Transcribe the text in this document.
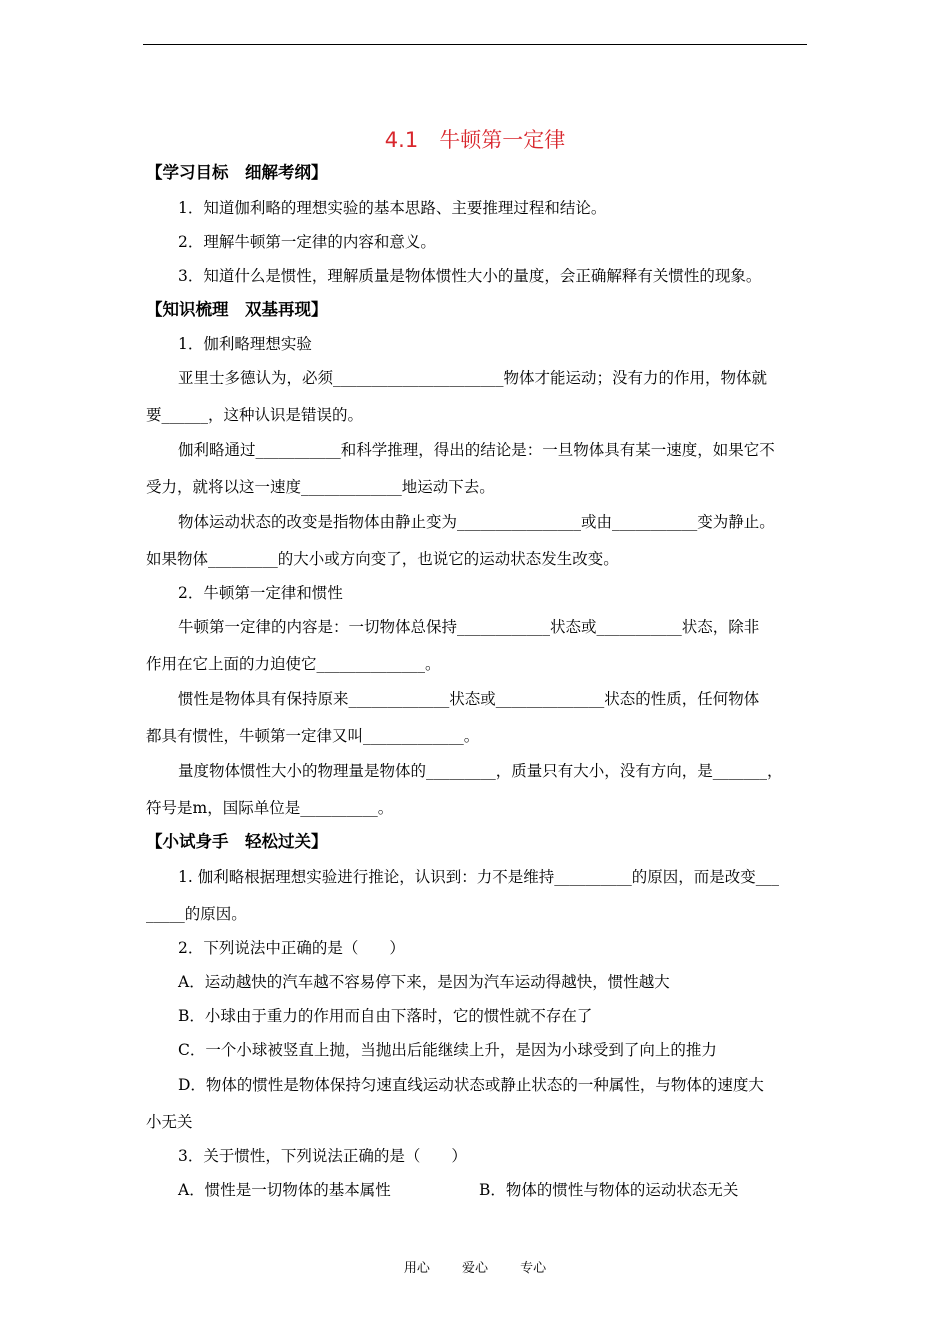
4.1　牛顿第一定律
【学习目标　细解考纲】
1．知道伽利略的理想实验的基本思路、主要推理过程和结论。
2．理解牛顿第一定律的内容和意义。
3．知道什么是惯性，理解质量是物体惯性大小的量度，会正确解释有关惯性的现象。
【知识梳理　双基再现】
1．伽利略理想实验
亚里士多德认为，必须______________________物体才能运动；没有力的作用，物体就
要______，这种认识是错误的。
伽利略通过___________和科学推理，得出的结论是：一旦物体具有某一速度，如果它不
受力，就将以这一速度_____________地运动下去。
物体运动状态的改变是指物体由静止变为________________或由___________变为静止。
如果物体_________的大小或方向变了，也说它的运动状态发生改变。
2．牛顿第一定律和惯性
牛顿第一定律的内容是：一切物体总保持____________状态或___________状态，除非
作用在它上面的力迫使它______________。
惯性是物体具有保持原来_____________状态或______________状态的性质，任何物体
都具有惯性，牛顿第一定律又叫_____________。
量度物体惯性大小的物理量是物体的_________，质量只有大小，没有方向，是_______，
符号是m，国际单位是__________。
【小试身手　轻松过关】
1. 伽利略根据理想实验进行推论，认识到：力不是维持__________的原因，而是改变___
_____的原因。
2．下列说法中正确的是（　　）
A．运动越快的汽车越不容易停下来，是因为汽车运动得越快，惯性越大
B．小球由于重力的作用而自由下落时，它的惯性就不存在了
C．一个小球被竖直上抛，当抛出后能继续上升，是因为小球受到了向上的推力
D．物体的惯性是物体保持匀速直线运动状态或静止状态的一种属性，与物体的速度大
小无关
3．关于惯性，下列说法正确的是（　　）
A．惯性是一切物体的基本属性	B．物体的惯性与物体的运动状态无关
用心 爱心 专心
